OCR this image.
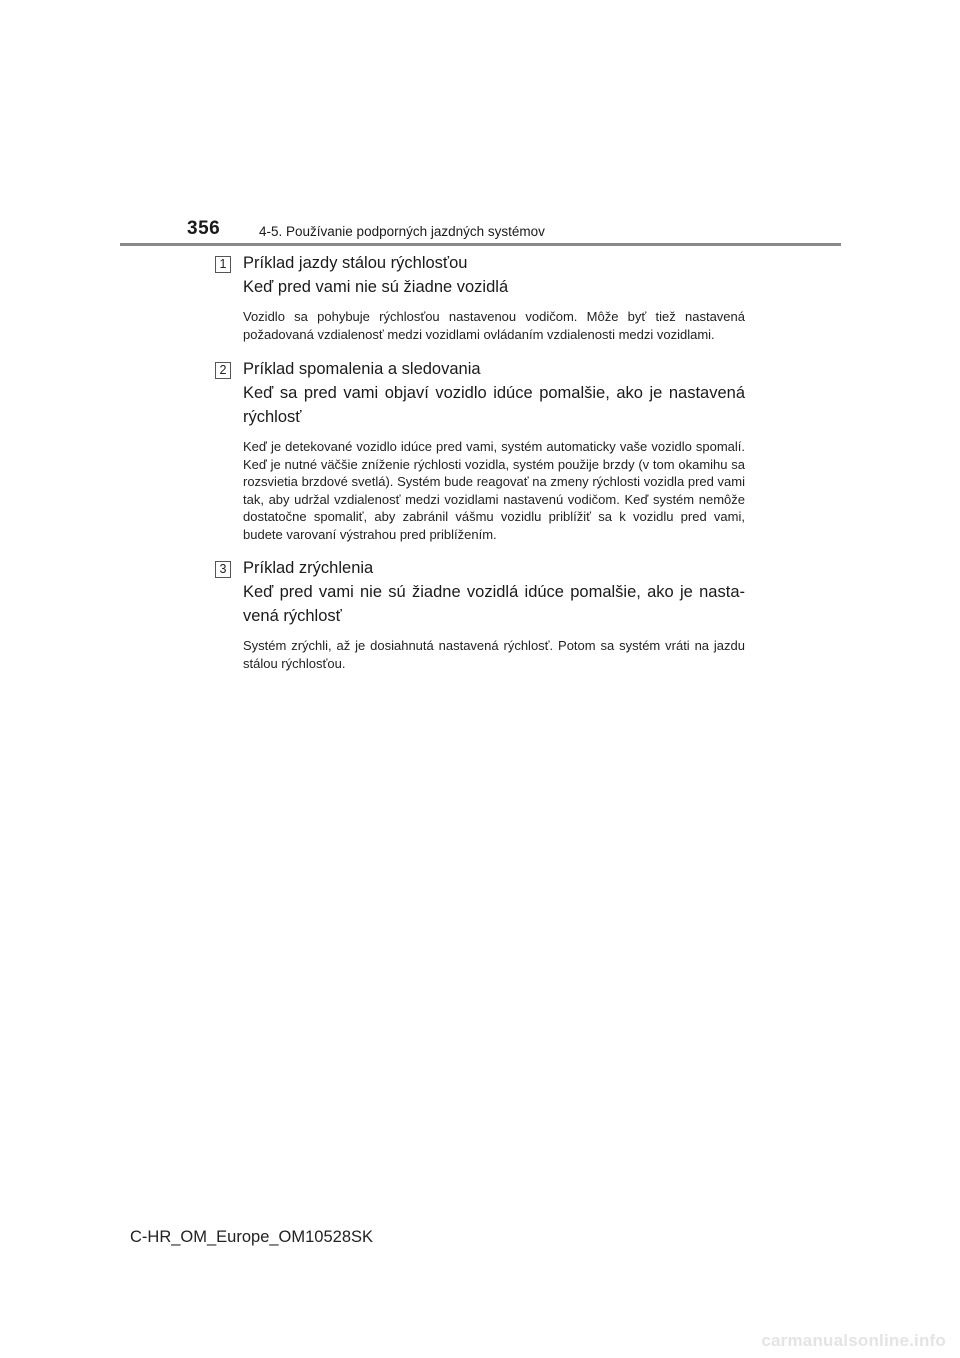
356	4-5. Používanie podporných jazdných systémov
1 Príklad jazdy stálou rýchlosťou
Keď pred vami nie sú žiadne vozidlá
Vozidlo sa pohybuje rýchlosťou nastavenou vodičom. Môže byť tiež nastavená požadovaná vzdialenosť medzi vozidlami ovládaním vzdialenosti medzi vozidlami.
2 Príklad spomalenia a sledovania
Keď sa pred vami objaví vozidlo idúce pomalšie, ako je nastavená rýchlosť
Keď je detekované vozidlo idúce pred vami, systém automaticky vaše vozidlo spomalí. Keď je nutné väčšie zníženie rýchlosti vozidla, systém použije brzdy (v tom okamihu sa rozsvietia brzdové svetlá). Systém bude reagovať na zmeny rýchlosti vozidla pred vami tak, aby udržal vzdialenosť medzi vozidlami nastavenú vodičom. Keď systém nemôže dostatočne spomaliť, aby zabránil vášmu vozidlu priblížiť sa k vozidlu pred vami, budete varovaní výstrahou pred priblížením.
3 Príklad zrýchlenia
Keď pred vami nie sú žiadne vozidlá idúce pomalšie, ako je nastavená rýchlosť
Systém zrýchli, až je dosiahnutá nastavená rýchlosť. Potom sa systém vráti na jazdu stálou rýchlosťou.
C-HR_OM_Europe_OM10528SK
carmanualsonline.info
